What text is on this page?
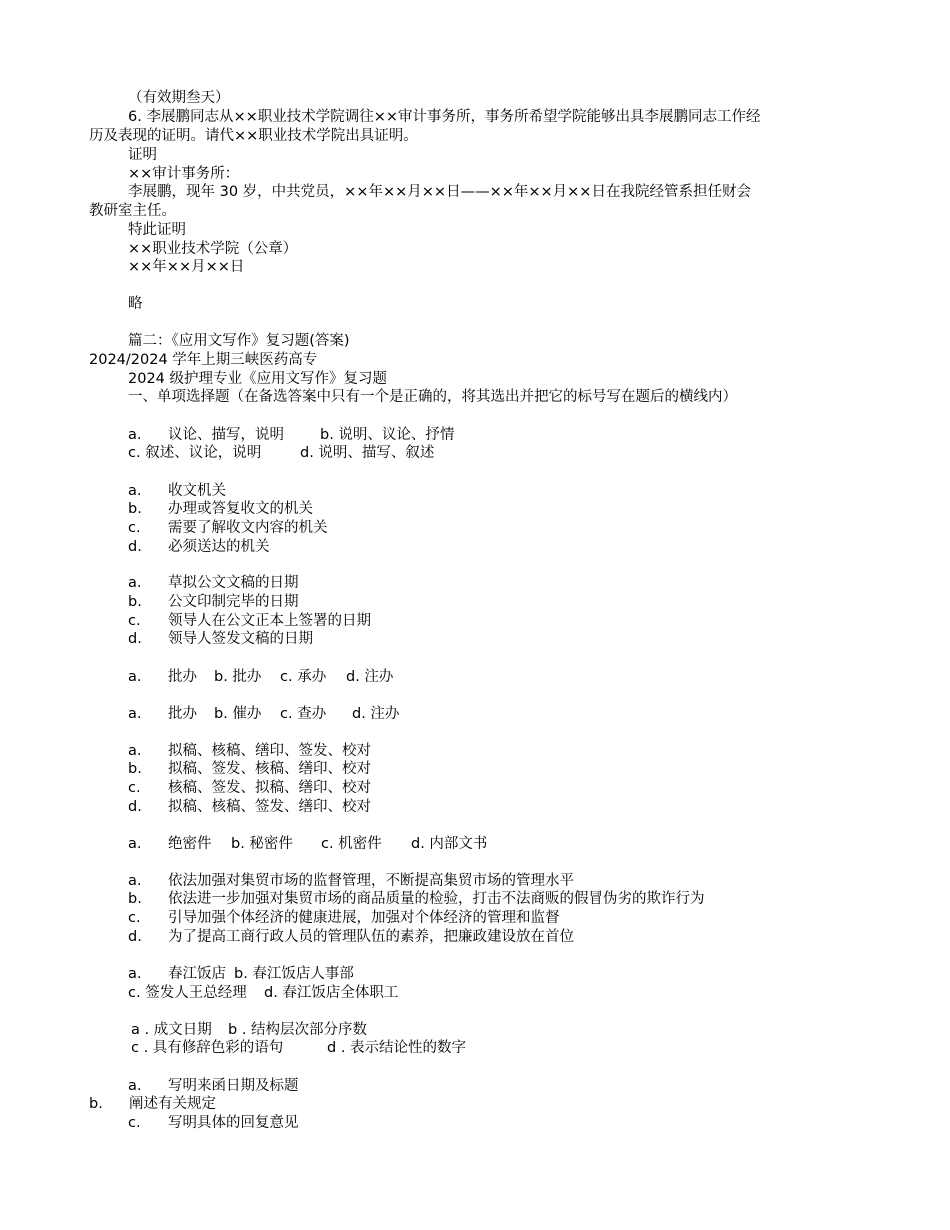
（有效期叁天）
6. 李展鹏同志从××职业技术学院调往××审计事务所，事务所希望学院能够出具李展鹏同志工作经
历及表现的证明。请代××职业技术学院出具证明。
证明
××审计事务所：
李展鹏，现年 30 岁，中共党员，××年××月××日——××年××月××日在我院经管系担任财会
教研室主任。
特此证明
××职业技术学院（公章）
××年××月××日
略
篇二：《应用文写作》复习题(答案)
2024/2024 学年上期三峡医药高专
2024 级护理专业《应用文写作》复习题
一、单项选择题（在备选答案中只有一个是正确的，将其选出并把它的标号写在题后的横线内）
a. 议论、描写，说明 b. 说明、议论、抒情
c. 叙述、议论，说明	d. 说明、描写、叙述
a. 收文机关
b. 办理或答复收文的机关
c. 需要了解收文内容的机关
d. 必须送达的机关
a. 草拟公文文稿的日期
b. 公文印制完毕的日期
c. 领导人在公文正本上签署的日期
d. 领导人签发文稿的日期
a. 批办 b. 批办 c. 承办 d. 注办
a. 批办 b. 催办 c. 查办 d. 注办
a. 拟稿、核稿、缮印、签发、校对
b. 拟稿、签发、核稿、缮印、校对
c. 核稿、签发、拟稿、缮印、校对
d. 拟稿、核稿、签发、缮印、校对
a. 绝密件 b. 秘密件 c. 机密件 d. 内部文书
a. 依法加强对集贸市场的监督管理，不断提高集贸市场的管理水平
b. 依法进一步加强对集贸市场的商品质量的检验，打击不法商贩的假冒伪劣的欺诈行为
c. 引导加强个体经济的健康进展，加强对个体经济的管理和监督
d. 为了提高工商行政人员的管理队伍的素养，把廉政建设放在首位
a. 春江饭店 b. 春江饭店人事部
c. 签发人王总经理 d. 春江饭店全体职工
a . 成文日期 b . 结构层次部分序数
c . 具有修辞色彩的语句	d . 表示结论性的数字
a. 写明来函日期及标题
b. 阐述有关规定
c. 写明具体的回复意见
